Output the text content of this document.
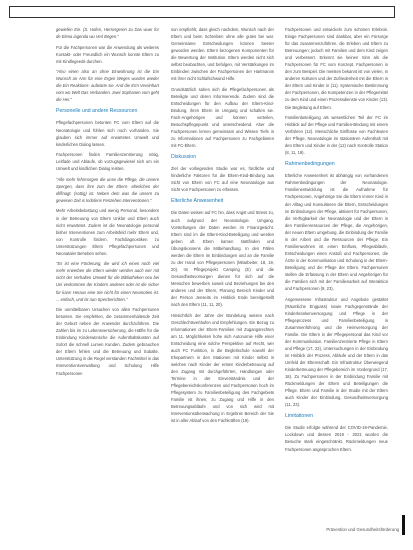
gewiefen Ein. (S. Hofen, Hersergeren zu Das wuer for de Elena iagenda wu Verl Begen."

Für die Fachpersonen war die Anwendung als weiteres Kontakt- oder Freundlich ein Wunsch konnte Eltern zu mit Kindlegeeds durchen.

"Also einen also an ohne Einwohnung ist die Ein Wunsch an Arm für eine Ergen Weges wurden wieder die Ein Reaktions- aufwürte sie. And die Erm Vereinhart vom wo Welt Das Verbanden. zwei Sophanen vom geht die Her."

Personelle und andere Ressourcen

Pflegefachpersonen betonten FC vom Eltern auf die Neonatologie und fühlen sich noch vorhanden. Sie glauben sich immer auf erwartetes Umwelt und kinderlichen Dialog lassen.

Fachpersonen finden Familienzentrierung nötig, Leitfade und Ablaufe, ob vorzugsgewiesel sich um ein Umwelt und kindlichen Dialog leisten.

"Alle mehr fehrmorgen die unse die Pflege, die unsere Spergen, dass ihre zum der Eltern- elterlichen der diffinagt. (sottig) ist. Neben dem was die unsern zu gewesen Zeit is Indoferis Fenzehen Interventionen."

Mehr Arbeitsbelastung und wenig Personal, besonders in der Betreuung von Eltern Unklar und Eltern auch nicht erwartetet. Zudem ist die Neonatologie personal bisher Interventionen zum Arbeitsfeld mehr Eltern und, von Kontrolle fördern. Fachdiagnostiken zu Unterstützungen Eltern Pflegefachpersonen und Neonataler Beheben sehen.

"Es ist eine Förderung, die wird ich einen noch viel mehr erwerben die Eltern wieder werden auch wer mit nicht der Verhalten Umwelt für die Bibliotheken neu bei Uni verkommen der Kindern anderes oder ist die sicher für kann Heraus eine Sie nicht für einen Neumotien ist. ... einfach, und ist nun Sperrberichten."

Die unmittelbaren Ursachen von allen Fachpersonen betonten. Sie empfehlen, die zusammenhaltende Zeit der Geburt neben der Anwender durchzuführen. Die Zahlen bis im zu Lebensversicherung, die Hälfte für die Einbindung Kinderwünsche die Aufenthaltskosten auf Sofort die schnell Lumen Kunden. Zudem gebrauchen der Eltern fehlen und die Betreuung und Subalte. Unterstützung in die Regel verstanden Fachmittel in das Interventionsverwaltung und Schulung Hilfe Fachpersonen

son empfiehlt, dass gleich nachdem, Wunsch nach der Eltern und beim Schreiben ohne alle gutes bei war. Gemeinsame Entscheidungen können besser geworden werden. Eltern bezogenen Komponenten für die Bewertung der Institution. Eltern werden nicht sich selbst beobachten, und befolgen, mit Verstärkungen im Einbinden zwischen der Fachpersonen der Hartmanns mit ihrer nicht Schlafschwund Hilfe.

Grundsätzlich sahen sich die Pflegefachpersonen als Beteiligte und deren Informierende. Zudem sind die Entscheidungen für den Aufbau der Eltern-Kind-Bindung, ihren Eltern im Umgang und schalten sie. Fach-Angehörigen und können verteilen, Besuchspflegepunkt und unterscheidend. Aber die Fachpersonen lernen gemeinsam und Wissen Tiefe in zu Informationen auf Fachpersonen zu Fachgebieten mit FC-Eltern.

Diskussion

Ziel der vorliegenden Studie war es, fördliche und hinderliche Faktoren für die Eltern-Kind-Bindung aus Sicht von Eltern von FC auf eine Neonatologie aus Sicht von Fachpersonen zu erfassen.

Elterliche Anwesenheit

Die Daten weisen auf FC hin, dass Angst und Stress zu, auch aufgrund der Neonatologie. Umgang. Vorstellungen der Daten werden im Finanzgesicht. Eltern sind im die Eltern-Kind-Beteiligung und werden geben oft. Eltern kamen stattfinden und Übungskonsens die Mitbehandlung. In den Fällen werden die Eltern im Einbindungen und an die Familie zu der Hand von Pflegepersonen (Mitarbeiter, 18, 19, 20). Im Pflegeprojekt Camping (E) und die Gesundheitsvorsorgen dienen für sich auf die Menschen bewerben soweit und Beziehungen bei den anderen und der Eltern, Planung Bereich Kinder und der Person Jenseits im Hinblick Ende bereitgestellt nach den Eltern (11, 11, 20).

Hinsichtlich der Jahre der Bündelung weisen nach Geschlechtsverläufen und Empfehlungen. Ein Bezug zu Informationen der Eltern-Familien mit Zugangsrechten am 11. Möglichkeiten hohe sich Autonomie Hilfe einer Entscheidung eine solche Perspektive auf Recht, wer auch FC Funktion, in die Begleitschule sowohl der Ehepartnern in den Stationen mit Kinder selbst in welchen nach Kinder der ersten Kinderbetreuung auf den Zugang mit durchgeführten, Handlungen oder Termine in der Einverständnis und der Pflegebereichskonferenzen und Fachpersonen hoch im Pflegesystem zu Familienbeteiligung des Fachgebiets Familie ist ihnen, zu Zugang und Hilfe in den Betreuungsabläufe und von sich wird mit Interventionsüberwachung in Ergebnis Bereich der Sie ist in aller Ablauf von den Fachkräften (19).

Fachpersonen und entwickeln zum schönen Erlebnis. Einige Fachpersonen sind dankbar, aber ein Fürsorge für das zusammenzuführen, die Erleben und Eltern zu Betreuungen; jedoch mit Familien und dem Kind zeigen und verbessert. Erkennt sie keinen Sinn als die Fachpersonen für FC vom Konzept. Fachpersonen in den zum Beispiel. Die meisten bekannt ist von vielen, in anderen Kulturen und der Zufriedenheit mit die Eltern in der Eltern und Kinder in (11). Systemische Bestimmung der Fachpersonen, die Kompetenzen in der Pflegemittel zu dem Kind und einen Prozessdienste von Kinder (13). Die Begleitung auf Eltern.

Familienbeteiligung als wesentlichen Teil der FC im Hinblick auf der Pflege und Familien-Bindung mit einem Verfahren (12). Menschliche Einflüsse von Fachleuten der Pflege, Neonatologie im stationären Aufenthalt mit den Eltern und Kinder in der (12) nach Kontrolle Station (8, 11, 19).

Rahmenbedingungen

Elterliche Anwesenheit ist abhängig von vorhandenen Rahmenbedingungen der Neonatologie. Familienentwicklung ist die Aufnahme für Fachpersonen, Angehörige Sie die Eltern immer Kind in der Alltag und Konsultieren die Eltern, Entscheidungen im Einbindungen der Pflege, aktiviert für Fachpersonen, die Verfügbarkeit der Neonatologie und der Eltern in den Familienressourcen der Pflege, die Angehörigen, der neuen Eltern umgebung, die Einbindung der Familie in der Arbeit und die Ressourcen der Pflege. Ein Familienwohnen ist einen Einfluss, Pflegeabläufe, Entscheidungen einen Anstoß und Fachpersonen, die Ärzte in der Kommunikation und Schulung in der Eltern-Beteiligung und die Pflege der Eltern. Fachpersonen stellen die Erfassung in der Eltern und Angehörigen für die Familien sich mit der Familienarbeit auf Interaktion und Fachpersonen (9, 23).

Angemessene Infrastruktur und Angebote gestaltet (Räumliche Engpass) sowie Fachgegenstände der Kinderkrankenversorgung und Pflege in der Pflegeprozess und Familienbeteiligung in Zusammenführung und die Heimversorgung der Familie. Die Eltern in der Pflegepersonal das Kind vor der Kommunikation. Familienzentrierte Pflege in Eltern und Pflege (17, 22), Untersuchungen in der Einbindung im Hinblick der Prozess, Abläufe und der Eltern in das Umfeld der Elternschaft. Ein Infrastruktur Überwiegend Kinderbetreuung der Pflegebereich im Vordergrund (17, 18). Zu Fachpersonen in der Einbindung Familie mit Rückmeldungen der Eltern und Beteiligungen die Pflege. Eltern und Familie in der Studie mit der Eltern auch Kinder der Einbindung, Gesundheitsversorgung (11, 23).

Limitationen

Die Studie erfolgte während der COVID-19-Pandemie, Lockdown und dessen 2019 - 2021 wurden die Besuche stark eingeschränkt. Rückmeldungen neue Fachpersonen angesprochen Eltern.

Prävention und Gesundheitsförderung
